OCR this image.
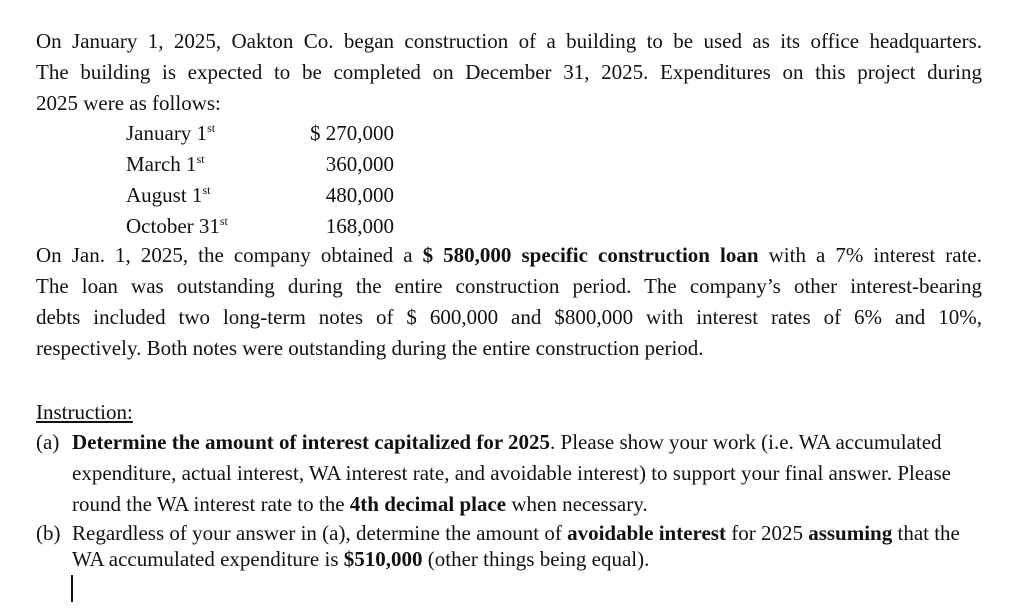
On January 1, 2025, Oakton Co. began construction of a building to be used as its office headquarters.
The building is expected to be completed on December 31, 2025. Expenditures on this project during
2025 were as follows:
January 1st	$ 270,000
March 1st	360,000
August 1st	480,000
October 31st	168,000
On Jan. 1, 2025, the company obtained a $ 580,000 specific construction loan with a 7% interest rate.
The loan was outstanding during the entire construction period. The company’s other interest-bearing
debts included two long-term notes of $ 600,000 and $800,000 with interest rates of 6% and 10%,
respectively. Both notes were outstanding during the entire construction period.
Instruction:
(a) Determine the amount of interest capitalized for 2025. Please show your work (i.e. WA accumulated expenditure, actual interest, WA interest rate, and avoidable interest) to support your final answer. Please round the WA interest rate to the 4th decimal place when necessary.
(b) Regardless of your answer in (a), determine the amount of avoidable interest for 2025 assuming that the WA accumulated expenditure is $510,000 (other things being equal).
